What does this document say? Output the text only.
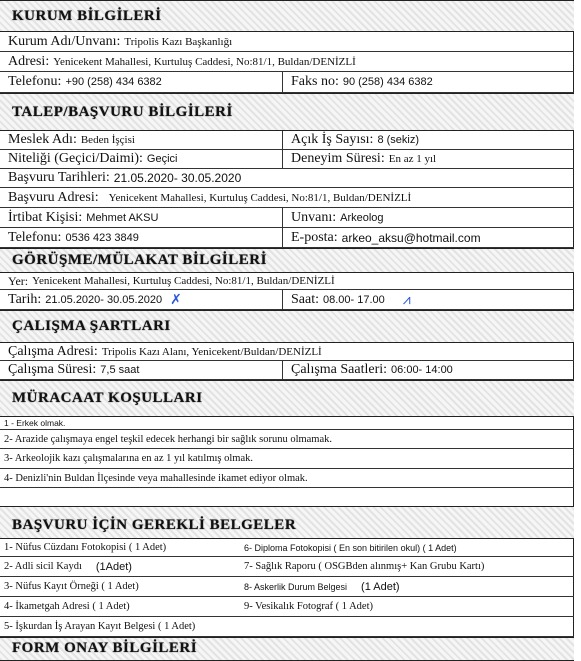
KURUM BİLGİLERİ
Kurum Adı/Unvanı: Tripolis Kazı Başkanlığı
Adresi: Yenicekent Mahallesi, Kurtuluş Caddesi, No:81/1, Buldan/DENİZLİ
Telefonu: +90 (258) 434 6382	Faks no: 90 (258) 434 6382
TALEP/BAŞVURU BİLGİLERİ
Meslek Adı: Beden İşçisi	Açık İş Sayısı: 8 (sekiz)
Niteliği (Geçici/Daimi): Geçici	Deneyim Süresi: En az 1 yıl
Başvuru Tarihleri: 21.05.2020- 30.05.2020
Başvuru Adresi: Yenicekent Mahallesi, Kurtuluş Caddesi, No:81/1, Buldan/DENİZLİ
İrtibat Kişisi: Mehmet AKSU	Unvanı: Arkeolog
Telefonu: 0536 423 3849	E-posta: arkeo_aksu@hotmail.com
GÖRÜŞME/MÜLAKAT BİLGİLERİ
Yer: Yenicekent Mahallesi, Kurtuluş Caddesi, No:81/1, Buldan/DENİZLİ
Tarih: 21.05.2020- 30.05.2020 ✗	Saat: 08.00- 17.00 ⩘
ÇALIŞMA ŞARTLARI
Çalışma Adresi: Tripolis Kazı Alanı, Yenicekent/Buldan/DENİZLİ
Çalışma Süresi: 7,5 saat	Çalışma Saatleri: 06:00- 14:00
MÜRACAAT KOŞULLARI
1 - Erkek olmak.
2- Arazide çalışmaya engel teşkil edecek herhangi bir sağlık sorunu olmamak.
3- Arkeolojik kazı çalışmalarına en az 1 yıl katılmış olmak.
4- Denizli'nin Buldan İlçesinde veya mahallesinde ikamet ediyor olmak.
BAŞVURU İÇİN GEREKLİ BELGELER
1- Nüfus Cüzdanı Fotokopisi ( 1 Adet)	6- Diploma Fotokopisi ( En son bitirilen okul) ( 1 Adet)
2- Adli sicil Kaydı (1Adet)	7- Sağlık Raporu ( OSGBden alınmış+ Kan Grubu Kartı)
3- Nüfus Kayıt Örneği ( 1 Adet)	8- Askerlik Durum Belgesi (1 Adet)
4- İkametgah Adresi ( 1 Adet)	9- Vesikalık Fotograf ( 1 Adet)
5- İşkurdan İş Arayan Kayıt Belgesi ( 1 Adet)
FORM ONAY BİLGİLERİ
